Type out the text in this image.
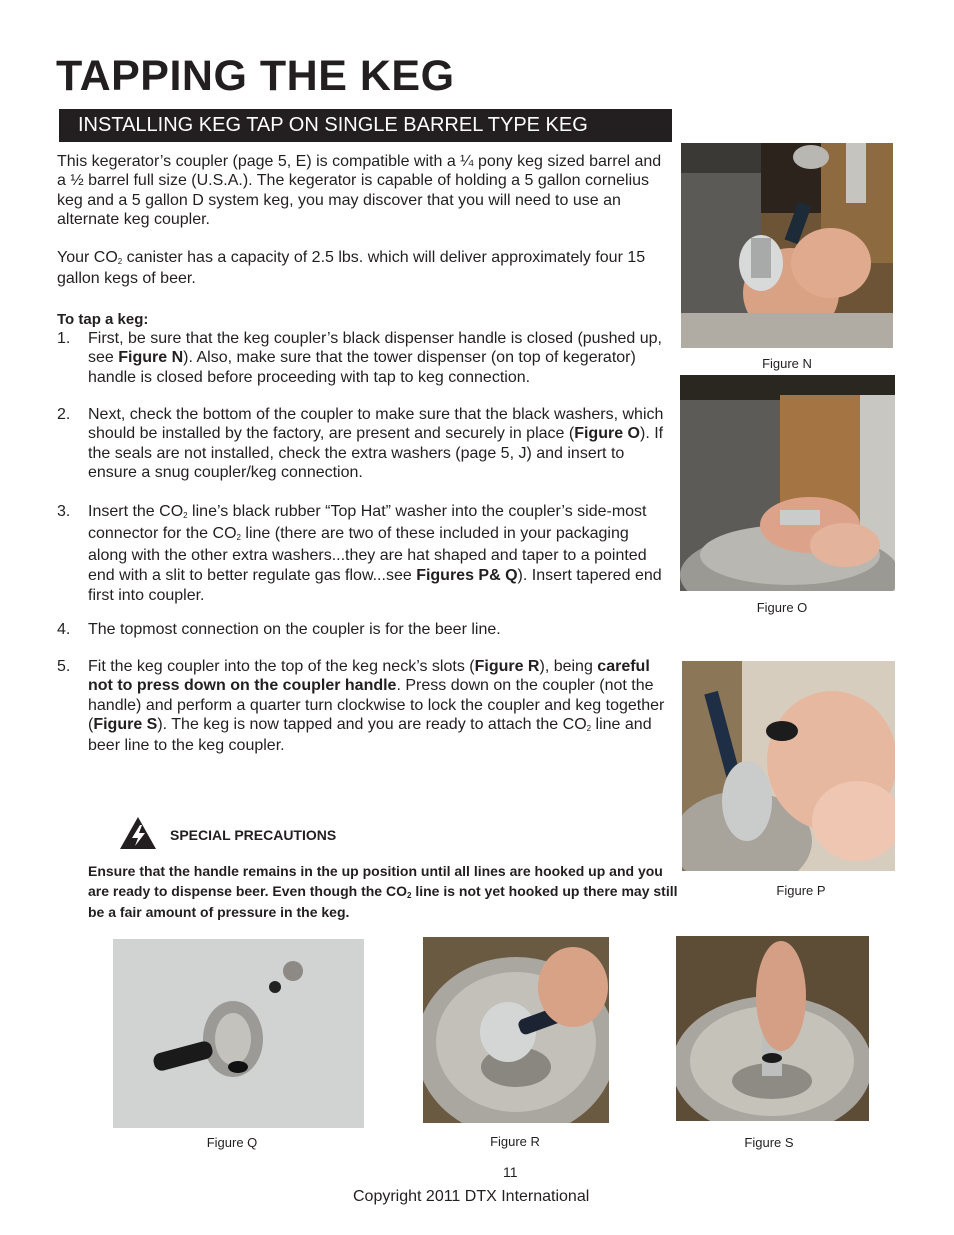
TAPPING THE KEG
INSTALLING KEG TAP ON SINGLE BARREL TYPE KEG

This kegerator’s coupler (page 5, E) is compatible with a ¼ pony keg sized barrel and a ½ barrel full size (U.S.A.). The kegerator is capable of holding a 5 gallon cornelius keg and a 5 gallon D system keg, you may discover that you will need to use an alternate keg coupler.

Your $CO_2$ canister has a capacity of 2.5 lbs. which will deliver approximately four 15 gallon kegs of beer.

To tap a keg:

1. First, be sure that the keg coupler’s black dispenser handle is closed (pushed up, see Figure N). Also, make sure that the tower dispenser (on top of kegerator) handle is closed before proceeding with tap to keg connection.

2. Next, check the bottom of the coupler to make sure that the black washers, which should be installed by the factory, are present and securely in place (Figure O). If the seals are not installed, check the extra washers (page 5, J) and insert to ensure a snug coupler/keg connection.

3. Insert the $CO_2$ line’s black rubber “Top Hat” washer into the coupler’s side-most connector for the $CO_2$ line (there are two of these included in your packaging along with the other extra washers...they are hat shaped and taper to a pointed end with a slit to better regulate gas flow...see Figures P& Q). Insert tapered end first into coupler.

4. The topmost connection on the coupler is for the beer line.

5. Fit the keg coupler into the top of the keg neck’s slots (Figure R), being careful not to press down on the coupler handle. Press down on the coupler (not the handle) and perform a quarter turn clockwise to lock the coupler and keg together (Figure S). The keg is now tapped and you are ready to attach the $CO_2$ line and beer line to the keg coupler.

SPECIAL PRECAUTIONS

Ensure that the handle remains in the up position until all lines are hooked up and you are ready to dispense beer. Even though the $CO_2$ line is not yet hooked up there may still be a fair amount of pressure in the keg.

Figure N
Figure O
Figure P
Figure Q	Figure R	Figure S
11
Copyright 2011 DTX International
